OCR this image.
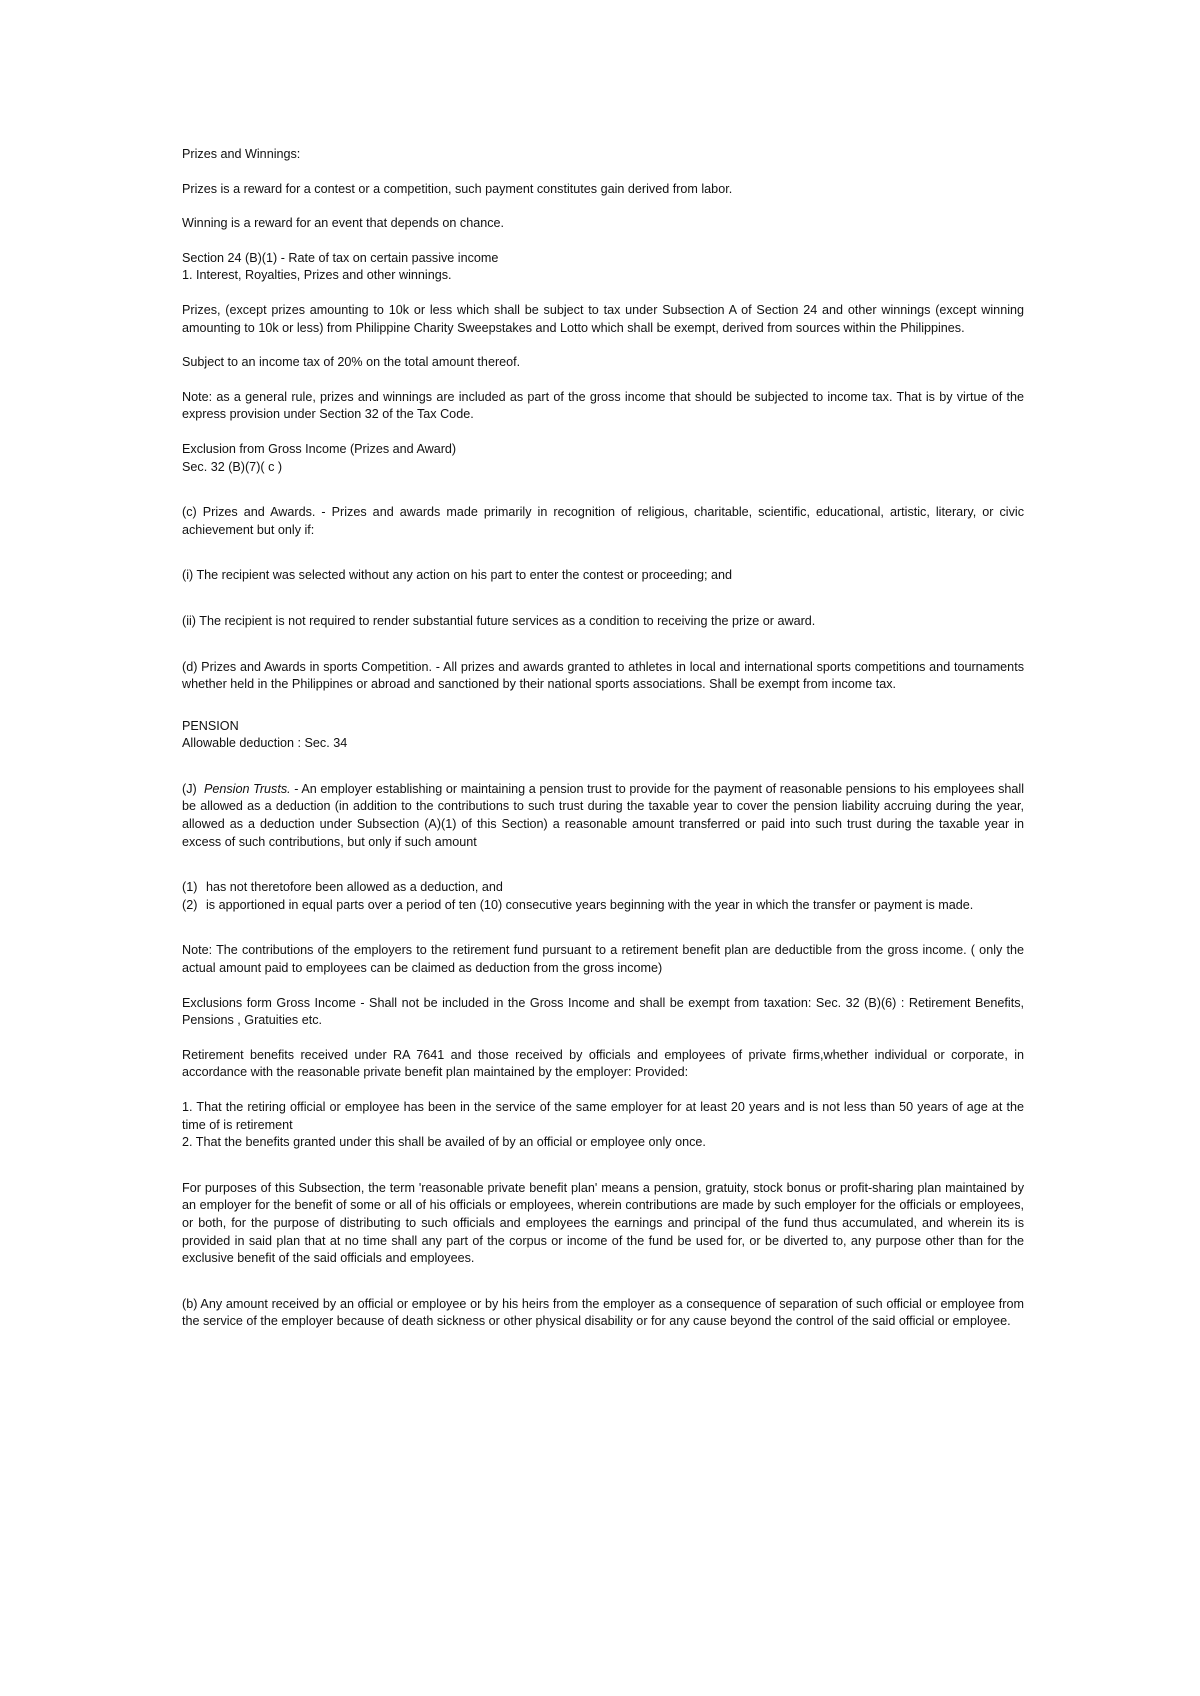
Prizes and Winnings:

Prizes is a reward for a contest or a competition, such payment constitutes gain derived from labor.

Winning is a reward for an event that depends on chance.

Section 24 (B)(1) - Rate of tax on certain passive income

1. Interest, Royalties, Prizes and other winnings.

Prizes, (except prizes amounting to 10k or less which shall be subject to tax under Subsection A of Section 24 and other winnings (except winning amounting to 10k or less) from Philippine Charity Sweepstakes and Lotto which shall be exempt, derived from sources within the Philippines.

Subject to an income tax of 20% on the total amount thereof.

Note: as a general rule, prizes and winnings are included as part of the gross income that should be subjected to income tax. That is by virtue of the express provision under Section 32 of the Tax Code.

Exclusion from Gross Income (Prizes and Award)

Sec. 32 (B)(7)( c )

(c) Prizes and Awards. - Prizes and awards made primarily in recognition of religious, charitable, scientific, educational, artistic, literary, or civic achievement but only if:

(i) The recipient was selected without any action on his part to enter the contest or proceeding; and

(ii) The recipient is not required to render substantial future services as a condition to receiving the prize or award.

(d) Prizes and Awards in sports Competition. - All prizes and awards granted to athletes in local and international sports competitions and tournaments whether held in the Philippines or abroad and sanctioned by their national sports associations. Shall be exempt from income tax.

PENSION

Allowable deduction : Sec. 34

(J)  Pension Trusts. - An employer establishing or maintaining a pension trust to provide for the payment of reasonable pensions to his employees shall be allowed as a deduction (in addition to the contributions to such trust during the taxable year to cover the pension liability accruing during the year, allowed as a deduction under Subsection (A)(1) of this Section) a reasonable amount transferred or paid into such trust during the taxable year in excess of such contributions, but only if such amount

(1) has not theretofore been allowed as a deduction, and

(2) is apportioned in equal parts over a period of ten (10) consecutive years beginning with the year in which the transfer or payment is made.

Note: The contributions of the employers to the retirement fund pursuant to a retirement benefit plan are deductible from the gross income. ( only the actual amount paid to employees can be claimed as deduction from the gross income)

Exclusions form Gross Income - Shall not be included in the Gross Income and shall be exempt from taxation: Sec. 32 (B)(6) : Retirement Benefits, Pensions , Gratuities etc.

Retirement benefits received under RA 7641 and those received by officials and employees of private firms,whether individual or corporate, in accordance with the reasonable private benefit plan maintained by the employer: Provided:

1. That the retiring official or employee has been in the service of the same employer for at least 20 years and is not less than 50 years of age at the time of is retirement

2. That the benefits granted under this shall be availed of by an official or employee only once.

For purposes of this Subsection, the term 'reasonable private benefit plan' means a pension, gratuity, stock bonus or profit-sharing plan maintained by an employer for the benefit of some or all of his officials or employees, wherein contributions are made by such employer for the officials or employees, or both, for the purpose of distributing to such officials and employees the earnings and principal of the fund thus accumulated, and wherein its is provided in said plan that at no time shall any part of the corpus or income of the fund be used for, or be diverted to, any purpose other than for the exclusive benefit of the said officials and employees.

(b) Any amount received by an official or employee or by his heirs from the employer as a consequence of separation of such official or employee from the service of the employer because of death sickness or other physical disability or for any cause beyond the control of the said official or employee.
